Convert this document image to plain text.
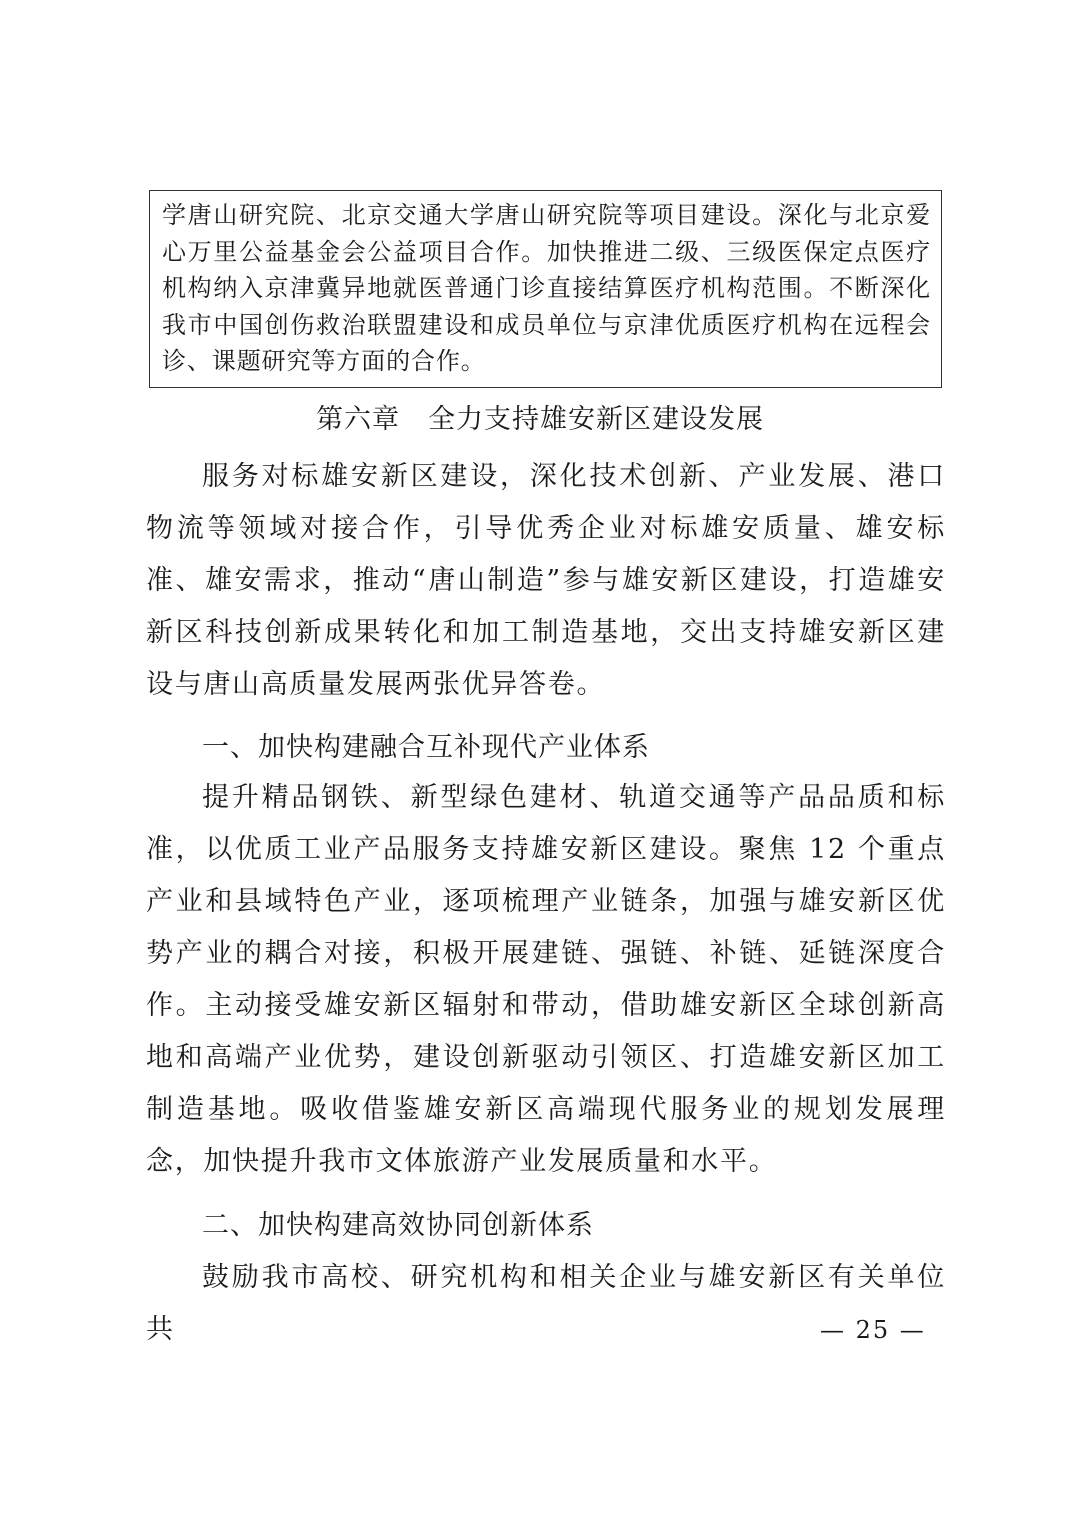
学唐山研究院、北京交通大学唐山研究院等项目建设。深化与北京爱心万里公益基金会公益项目合作。加快推进二级、三级医保定点医疗机构纳入京津冀异地就医普通门诊直接结算医疗机构范围。不断深化我市中国创伤救治联盟建设和成员单位与京津优质医疗机构在远程会诊、课题研究等方面的合作。
第六章　全力支持雄安新区建设发展

服务对标雄安新区建设，深化技术创新、产业发展、港口物流等领域对接合作，引导优秀企业对标雄安质量、雄安标准、雄安需求，推动“唐山制造”参与雄安新区建设，打造雄安新区科技创新成果转化和加工制造基地，交出支持雄安新区建设与唐山高质量发展两张优异答卷。

一、加快构建融合互补现代产业体系

提升精品钢铁、新型绿色建材、轨道交通等产品品质和标准，以优质工业产品服务支持雄安新区建设。聚焦 12 个重点产业和县域特色产业，逐项梳理产业链条，加强与雄安新区优势产业的耦合对接，积极开展建链、强链、补链、延链深度合作。主动接受雄安新区辐射和带动，借助雄安新区全球创新高地和高端产业优势，建设创新驱动引领区、打造雄安新区加工制造基地。吸收借鉴雄安新区高端现代服务业的规划发展理念，加快提升我市文体旅游产业发展质量和水平。

二、加快构建高效协同创新体系

鼓励我市高校、研究机构和相关企业与雄安新区有关单位共	— 25 —
